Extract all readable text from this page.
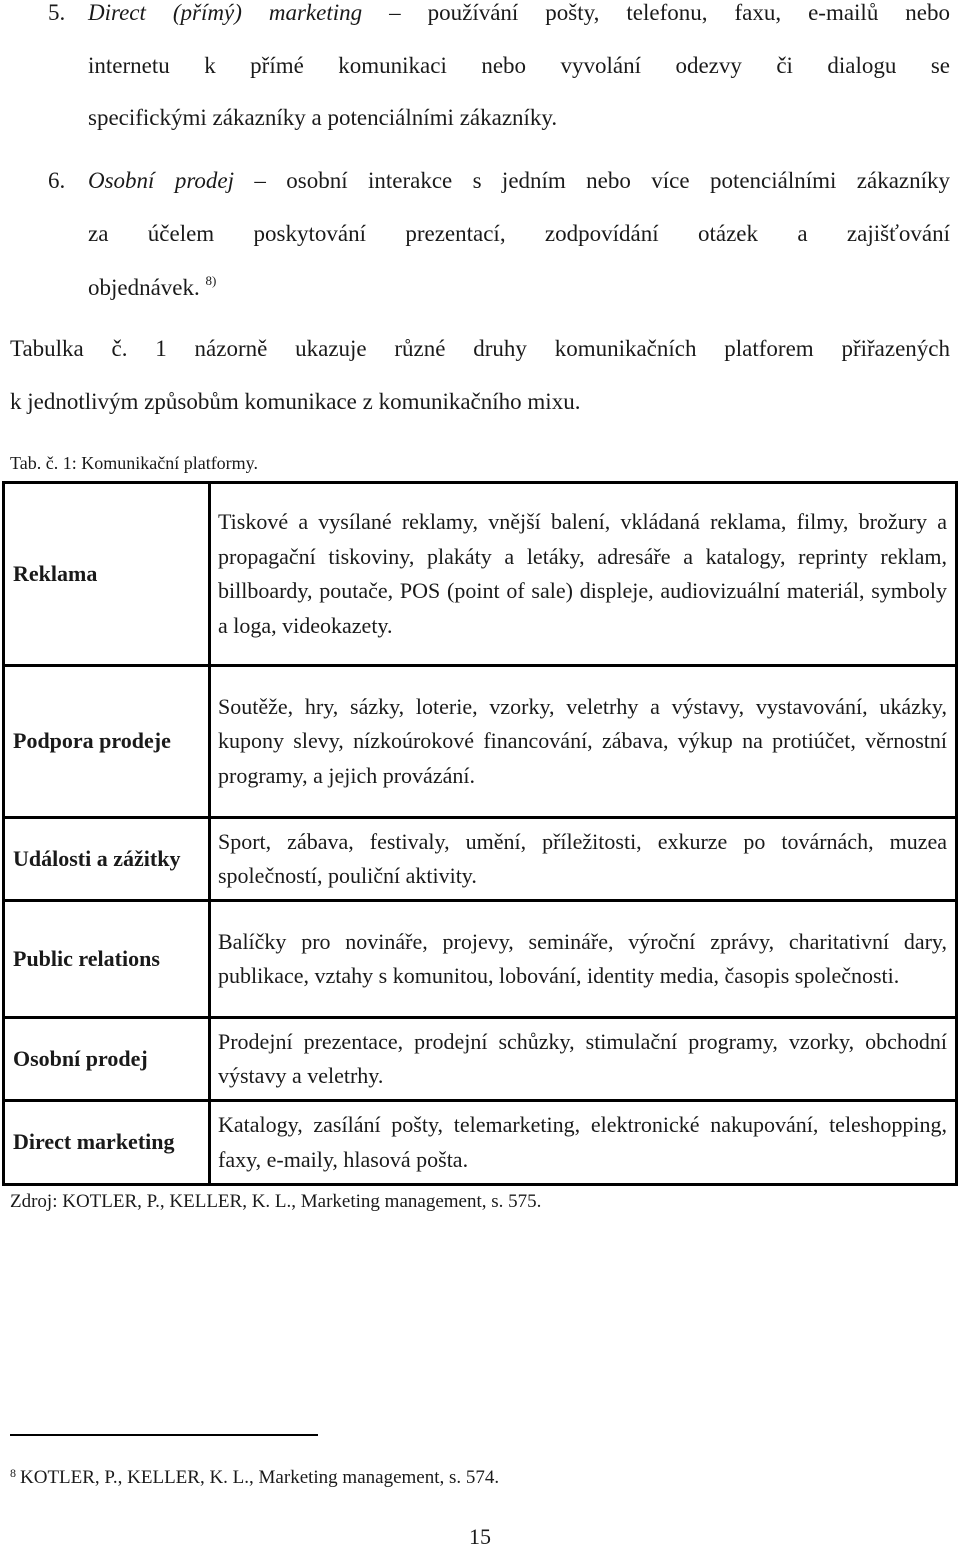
5. Direct (přímý) marketing – používání pošty, telefonu, faxu, e-mailů nebo
internetu k přímé komunikaci nebo vyvolání odezvy či dialogu se
specifickými zákazníky a potenciálními zákazníky.
6. Osobní prodej – osobní interakce s jedním nebo více potenciálními zákazníky
za účelem poskytování prezentací, zodpovídání otázek a zajišťování
objednávek. $^{8)}$
Tabulka č. 1 názorně ukazuje různé druhy komunikačních platforem přiřazených
k jednotlivým způsobům komunikace z komunikačního mixu.
Tab. č. 1: Komunikační platformy.
Reklama	Tiskové a vysílané reklamy, vnější balení, vkládaná reklama, filmy, brožury a propagační tiskoviny, plakáty a letáky, adresáře a katalogy, reprinty reklam, billboardy, poutače, POS (point of sale) displeje, audiovizuální materiál, symboly a loga, videokazety.
Podpora prodeje	Soutěže, hry, sázky, loterie, vzorky, veletrhy a výstavy, vystavování, ukázky, kupony slevy, nízkoúrokové financování, zábava, výkup na protiúčet, věrnostní programy, a jejich provázání.
Události a zážitky	Sport, zábava, festivaly, umění, příležitosti, exkurze po továrnách, muzea společností, pouliční aktivity.
Public relations	Balíčky pro novináře, projevy, semináře, výroční zprávy, charitativní dary, publikace, vztahy s komunitou, lobování, identity media, časopis společnosti.
Osobní prodej	Prodejní prezentace, prodejní schůzky, stimulační programy, vzorky, obchodní výstavy a veletrhy.
Direct marketing	Katalogy, zasílání pošty, telemarketing, elektronické nakupování, teleshopping, faxy, e-maily, hlasová pošta.
Zdroj: KOTLER, P., KELLER, K. L., Marketing management, s. 575.
$^8$ KOTLER, P., KELLER, K. L., Marketing management, s. 574.
15
